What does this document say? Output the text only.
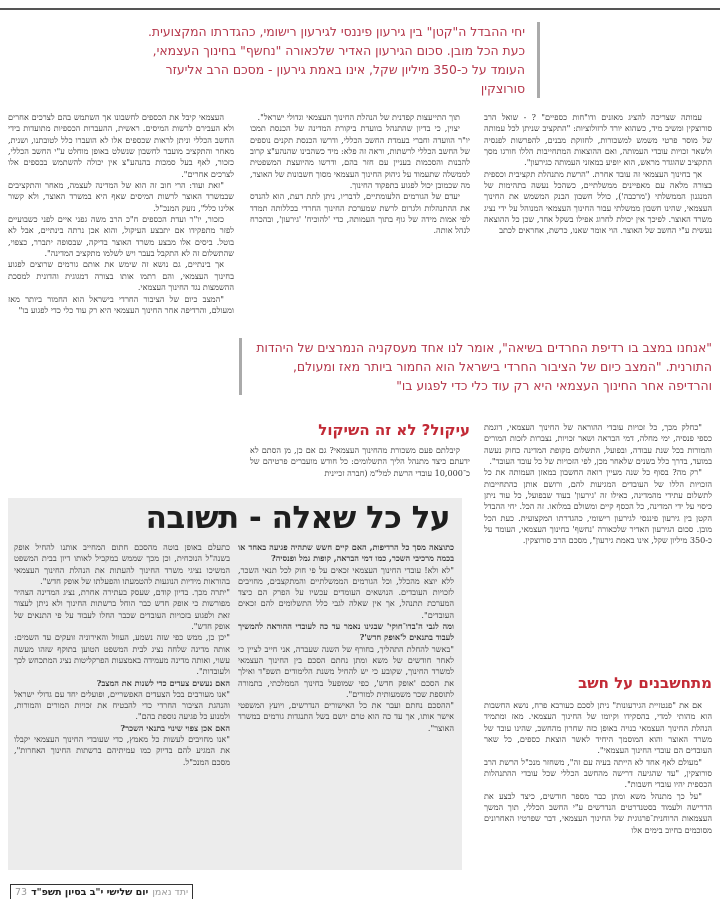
יחי ההבדל ה"קטן" בין גירעון פיננסי לגירעון רישומי, כהגדרתו המקצועית. כעת הכל מובן. סכום הגירעון האדיר שלכאורה "נחשף" בחינוך העצמאי, העומד על כ-350 מיליון שקל, אינו באמת גירעון - מסכם הרב אליעזר סורוצקין

עמותה שצריכה להציג מאזנים ודו"חות כספיים" ? - שואל הרב סורוצקין ומשיב מיד, כשהוא יורד לרזולוציות: "התקציב שניתן לכל עמותה של מוסר פרטי משמש למשכורות, לחזוקת מבנים, להפרשות לפנסיה ולשאר זכויות עובדי העמותה, ואם ההוצאות המתחייבות הללו חורגו מסך התקציב שהוגדר מראש, הוא יופיע במאזני העמותה כגירעון".

אך בחינוך העצמאי זה עובד אחרת. "הרשת מתנהלת תקציבית וכספית בצורה מלאה עם מאפיינים ממשלתיים, כשהכל נעשה בתהימות של המנגנון הממשלתי ('מרכבה'), כולל חשבון הבנק המשמש את החינוך העצמאי, שהינו חשבון ממשלתי עבור החינוך העצמאי המנוהל על ידי נציג משרד האוצר. לפיכך אין יכולת לחרוג אפילו בשקל אחד, שכן כל ההוצאה נעשית ע"י החשב של האוצר. הוי אומר שאנו, כרשת, אחראים לכתב

תוך התייעצות קפדנית של הנהלת החינוך העצמאי וגדולי ישראל".

יצוין, כי בדיון שהתנהל בוועדת ביקורת המדינה של הכנסת תמכו יו"ר הוועדה וחברי בעמדת החשב הכללי, ודרשו הכנסת תקנים נוספים של החשב הכללי לרשתות, וראה זה פלא: מיד כשהבינו שהנהע"צ קרוב להבנות והסכמות בעניין עם חזר בהם, ודרשו מהיועצת המשפטית לממשלה שתעמוד על גיהוק החינוך העצמאי מסוך חשבונות של האוצר, מה שכמובן יכול לפגוע בתפקוד החינוך.

יעדם של הגורמים הלעומתיים, לדבריו, ניתן לתת דעת, הוא להנדס את ההתנהלות ולגרום לרשת שמערכת החינוך החרדי בכללותה תמדד לפי אמות מידה של גוף בתוך העמותה, כדי 'להוכיח' 'גירעון', ובהכרח לנהל אותה.

העצמאי קיבל את הכספים לחשבונו אך השתמש בהם לצרכים אחרים ולא העבירם לרשות המיסים. ראשית, ההעברות הכספיות מתועדות בידי החשב הכללי וניתן לראות שכספים אלו לא הועברו כלל לטובתנו, ושנית, מאחר והתקציב מועבר לחשבון שנשלט באופן מוחלט ע"י החשב הכללי, כזכור, לאף בעל סמכות בהנהע"צ אין יכולה להשתמש בכספים אלו לצרכים אחרים".

"זאת ועוד: הרי חוב זה הוא של המדינה לעצמה, מאחר והתקציבים שבמשרד האוצר לרשות המיסים שאף היא במשרד האוצר, ולא קשור אלינו כלל", נזעק המנכ"ל.

כזכור, יו"ר ועדת הכספים ח"כ הרב משה גפני איים לפני כשבועיים לפזר מתפקידו אם יתבצע העיקול, והוא אכן נרתה בינתיים, אבל לא בוטל. ביסים אלו מבצע משרד האוצר בדיקה, שבסופה יתברר, כצפוי, שהתשלום זה לא התקבל בעבר ויש לשלמו מתקציב המדינה".

אך בינתיים, גם נושא זה שימש את אותם גורמים שרוצים לפגוע בחינוך העצמאי, והם רתמו אותו בצורה דמגוגית והדונית למסכת ההשמצות נגד החינוך העצמאי.

"המצב כיום של הציבור החרדי בישראל הוא החמור ביותר מאז ומעולם, והרדיפה אחר החינוך העצמאי היא רק עוד כלי כדי לפגוע בו"

"אנחנו במצב בו רדיפת החרדים בשיאה", אומר לנו אחד מעסקניה הנמרצים של היהדות התורנית. "המצב כיום של הציבור החרדי בישראל הוא החמור ביותר מאז ומעולם, והרדיפה אחר החינוך העצמאי היא רק עוד כלי כדי לפגוע בו"
עיקול? לא זה השיקול "כחלק מכך, כל זכויות עובדי ההוראה של החינוך העצמאי, דוגמת כספי פנסיה, ימי מחלה, דמי הבראה ושאר זכויות, נצברות לזכות המורים והמורות בכל שנת עבודה, ובפועל, התשלום מקופת המדינה כחוק נעשה במועד, בדרך כלל בשנים שלאחר מכן, לפי הזכויות של כל עובד העובד".

"רק מה? בסוף כל שנה מעיין רואה החשבון במאזן העמותה את כל הזכויות הללו של העובדים המגיעות להם, ורושם אותן כהתחייבות לתשלום עתידי מהמדינה, כאילו זה 'גירעון' בעוד שבפועל, כל עוד ניתן כיסוי על ידי המדינה, כל הכסף קיים ומשולם במלואו. זה הכל. יחי ההבדל הקטן בין גירעון פיננסי לגירעון רישומי, כהגדרתו המקצועית. כעת הכל מובן. סכום הגירעון האדיר שלכאורה 'נחשף' בחינוך העצמאי, העומד על כ-350 מיליון שקל, אינו באמת גירעון", מסכם הרב סורוצקין.

קיבלתם פעם משכורת מהחינוך העצמאי? גם אם כן, מן הסתם לא ידעתם כיצד מתנהל הליך התשלומים: כל חודש מועברים פרטיהם של כ־10,000 עובדי הרשת למל"מ (חברה זכיינית

מתחשבנים על חשב

אם את "פנטזיית הגירעונות" ניתן לסכם כעורבא פרח, נושא החשבות הוא מהותי למדי, בהסקידו וקיומו של החינוך העצמאי. מאז ומתמיד הנהלת החינוך העצמאי בנויה באופן כזה שחרון מהחשב, שהינו עובד של משרד האוצר והוא המוסמך היחיד לאשר הוצאת כספים, כל שאר העובדים הם עובדי החינוך העצמאי".

"מעולם לאף אחד לא הייתה בעיה עם זה", משחזר מנכ"ל הרשת הרב סורוצקין, "עד שהגיעה דרישה מהחשב הכללי שכל עובדי ההתנהלות הכספית יהיו עובדי חשבות".

"על כך מתנהל משא ומתן כבר מספר חודשים, כיצד לבצע את הדרישה ולעמוד בסטנדרטים הנדרשים ע"י החשב הכללי, תוך המשך העצמאות הרוחנית־פרגוגית של החינוך העצמאי, דבר שפרטיו האחרונים מסוכמים בחיוב בימים אלו

על כל שאלה - תשובה

כתוצאה מסך כל הרדיפות, האם קיים חשש שתהיה פגיעה באחד או בכמה מרכיבי השכר, כמו דמי הבראה, קופות גמל ופנסיה?

"לא ולא! עובדי החינוך העצמאי זכאים על פי חוק לכל תנאי השכר, ללא יוצא מהכלל, וכל הגורמים הממשלתיים והמתקצבים, מחויבים לזכויות העובדים. הנושאים העומדים עכשיו על הפרק הם כיצד המערכת תתנהל, אך אין שאלה לגבי כלל התשלומים להם זכאים העובדים".

ומה לגבי ה'בדו־חוקי' שבגינו נאמר עד כה לעובדי ההוראה להמשיך לעבוד בתנאים ל'אופק חדש'?

"באשר להחלת התהליך, בחורף של השנה שעברה, אני חייב לציין כי לאחר חודשים של משא ומתן נחתם הסכם בין החינוך העצמאי למשרד החינוך, שקובע כי יש להחיל משנת הלימודים תשפ"ד ואילך את הסכם 'אופק חדש', כפי שמופעל בחינוך הממלכתי, בתמורה לתוספת שכר משמעותית למורים".

"ההסכם נחתם ועבר את כל האישורים הנדרשים, ויועץ המשפטי אישר אותו, אך עד כה הוא טרם יושם בשל התנגדות גורמים במשרד האוצר".

כתעלם באופן בוטה מהסכם חתום המחייב אותנו להחיל אופק בשנה"ל הנוכחית, וכן מכך שממש במקביל לאותו דיון בבית המשפט המשיכו נציגי משרד החינוך להעתות את הנהלת החינוך העצמאי בהוראות מידיות הנוגעות להטמעתו והפעלתו של אופק חדש".

"יתרה מכך. בדיון קודם, שעסק בעתירה אחרת, נציג המדינה הצהיר מפורשות כי אופק חדש כבר הוחל ברשתות החינוך ולא ניתן לעצור זאת ולפגוע בזכויות העובדים שכבר החלו לעבוד על פי התנאים של אופק חדש".

"יכן כן, ממש כפי שזה נשמע, העוול והאירוניה זועקים עד השמים: אותה מדינה שלחה נציג לבית המשפט הטוען בתוקף שזהו מעשה עשוי, ואותה מדינה מעמידה באמצעות הפרקליטות נציג המתכחש לכך ולעובדות".

האם נעשים צעדים כדי לשנות את המצב?

"אנו מעורבים בכל הצעדים האפשריים, ופועלים יחד עם גדולי ישראל והנהגת הציבור החרדי כדי להבטיח את זכויות המורים והמורות, ולמנוע כל פגיעה נוספת בהם".

האם אכן צפוי שינוי בתנאי השכר?

"אנו מחויבים לעשות כל מאמץ, כדי שעובדי החינוך העצמאי יקבלו את המגיע להם בדיוק כמו עמיתיהם ברשתות החינוך האחרות", מסכם המנכ"ל.

יתד נאמן
יום שלישי י"ב בסיון תשפ"ד
73
